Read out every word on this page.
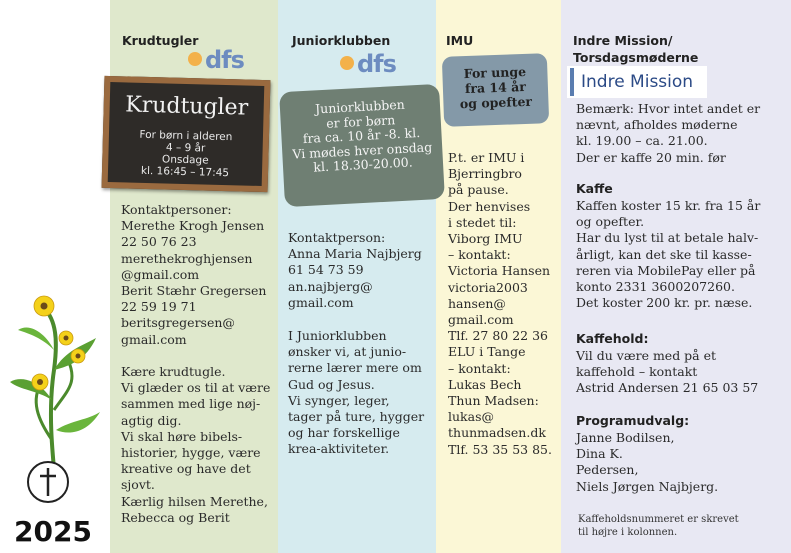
2025
Krudtugler
dfs
Krudtugler
For børn i alderen
4 – 9 år
Onsdage
kl. 16:45 – 17:45
Kontaktpersoner:
Merethe Krogh Jensen
22 50 76 23
merethekroghjensen
@gmail.com
Berit Stæhr Gregersen
22 59 19 71
beritsgregersen@
gmail.com

Kære krudtugle.
Vi glæder os til at være
sammen med lige nøj-
agtig dig.
Vi skal høre bibels-
historier, hygge, være
kreative og have det
sjovt.
Kærlig hilsen Merethe,
Rebecca og Berit
Juniorklubben
dfs
Juniorklubben
er for børn
fra ca. 10 år -8. kl.
Vi mødes hver onsdag
kl. 18.30-20.00.
Kontaktperson:
Anna Maria Najbjerg
61 54 73 59
an.najbjerg@
gmail.com
I Juniorklubben
ønsker vi, at junio-
rerne lærer mere om
Gud og Jesus.
Vi synger, leger,
tager på ture, hygger
og har forskellige
krea-aktiviteter.
IMU
For unge
fra 14 år
og opefter
P.t. er IMU i
Bjerringbro
på pause.
Der henvises
i stedet til:
Viborg IMU
– kontakt:
Victoria Hansen
victoria2003
hansen@
gmail.com
Tlf. 27 80 22 36
ELU i Tange
– kontakt:
Lukas Bech
Thun Madsen:
lukas@
thunmadsen.dk
Tlf. 53 35 53 85.
Indre Mission/
Torsdagsmøderne
Indre Mission
Bemærk: Hvor intet andet er
nævnt, afholdes møderne
kl. 19.00 – ca. 21.00.
Der er kaffe 20 min. før
Kaffe
Kaffen koster 15 kr. fra 15 år
og opefter.
Har du lyst til at betale halv-
årligt, kan det ske til kasse-
reren via MobilePay eller på
konto 2331 3600207260.
Det koster 200 kr. pr. næse.
Kaffehold:
Vil du være med på et
kaffehold – kontakt
Astrid Andersen 21 65 03 57
Programudvalg:
Janne Bodilsen,
Dina K.
Pedersen,
Niels Jørgen Najbjerg.
Kaffeholdsnummeret er skrevet
til højre i kolonnen.
